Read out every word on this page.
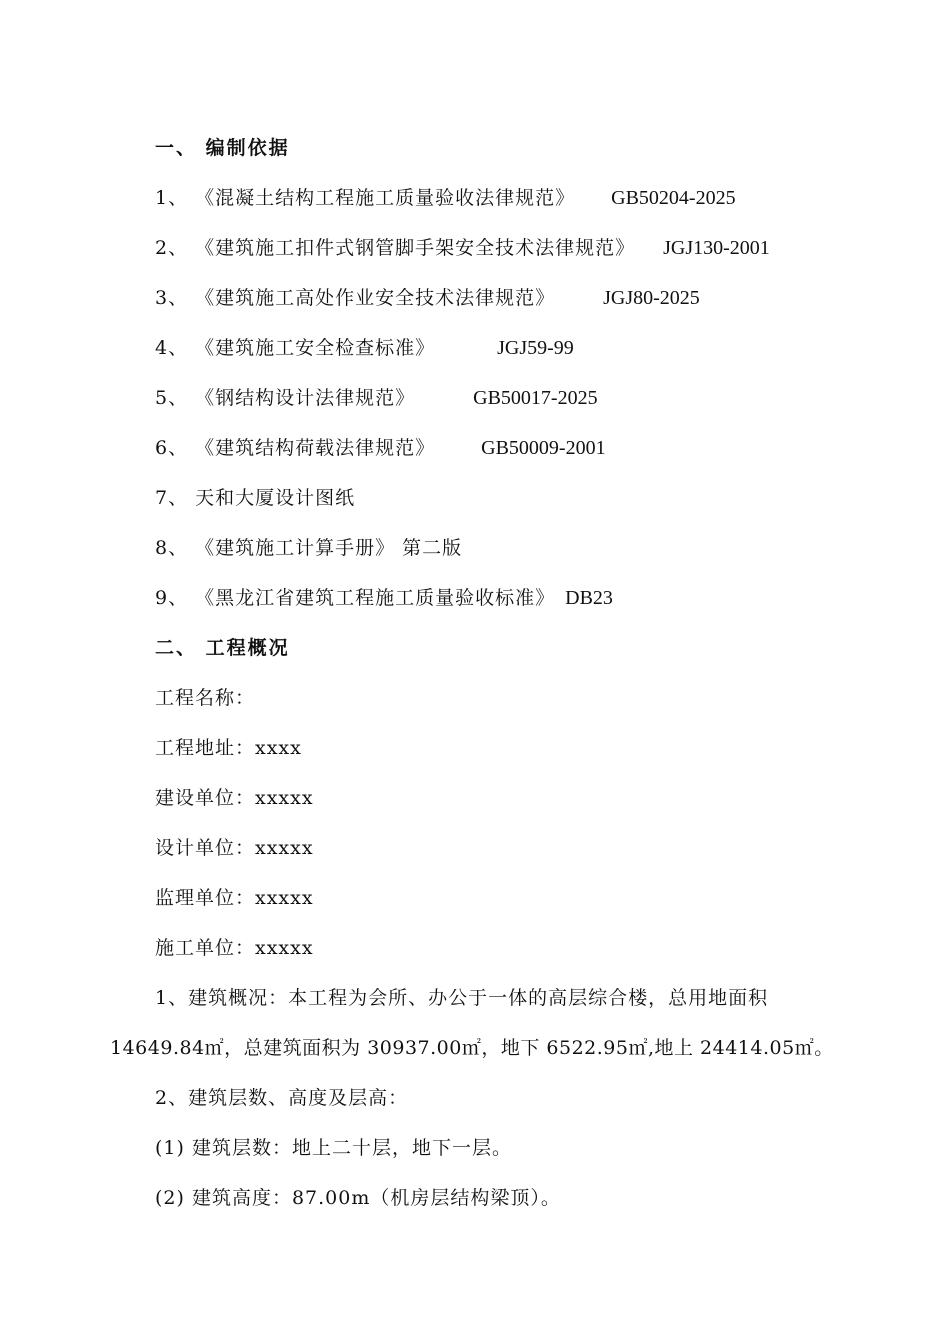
一、 编制依据
1、 《混凝土结构工程施工质量验收法律规范》 GB50204-2025
2、 《建筑施工扣件式钢管脚手架安全技术法律规范》 JGJ130-2001
3、 《建筑施工高处作业安全技术法律规范》 JGJ80-2025
4、 《建筑施工安全检查标准》	JGJ59-99
5、 《钢结构设计法律规范》	GB50017-2025
6、 《建筑结构荷载法律规范》 GB50009-2001
7、 天和大厦设计图纸
8、 《建筑施工计算手册》 第二版
9、 《黑龙江省建筑工程施工质量验收标准》 DB23
二、 工程概况
工程名称：
工程地址：xxxx
建设单位：xxxxx
设计单位：xxxxx
监理单位：xxxxx
施工单位：xxxxx
1、建筑概况：本工程为会所、办公于一体的高层综合楼，总用地面积
14649.84㎡，总建筑面积为 30937.00㎡，地下 6522.95㎡,地上 24414.05㎡。
2、建筑层数、高度及层高：
(1) 建筑层数：地上二十层，地下一层。
(2) 建筑高度：87.00m（机房层结构梁顶）。
